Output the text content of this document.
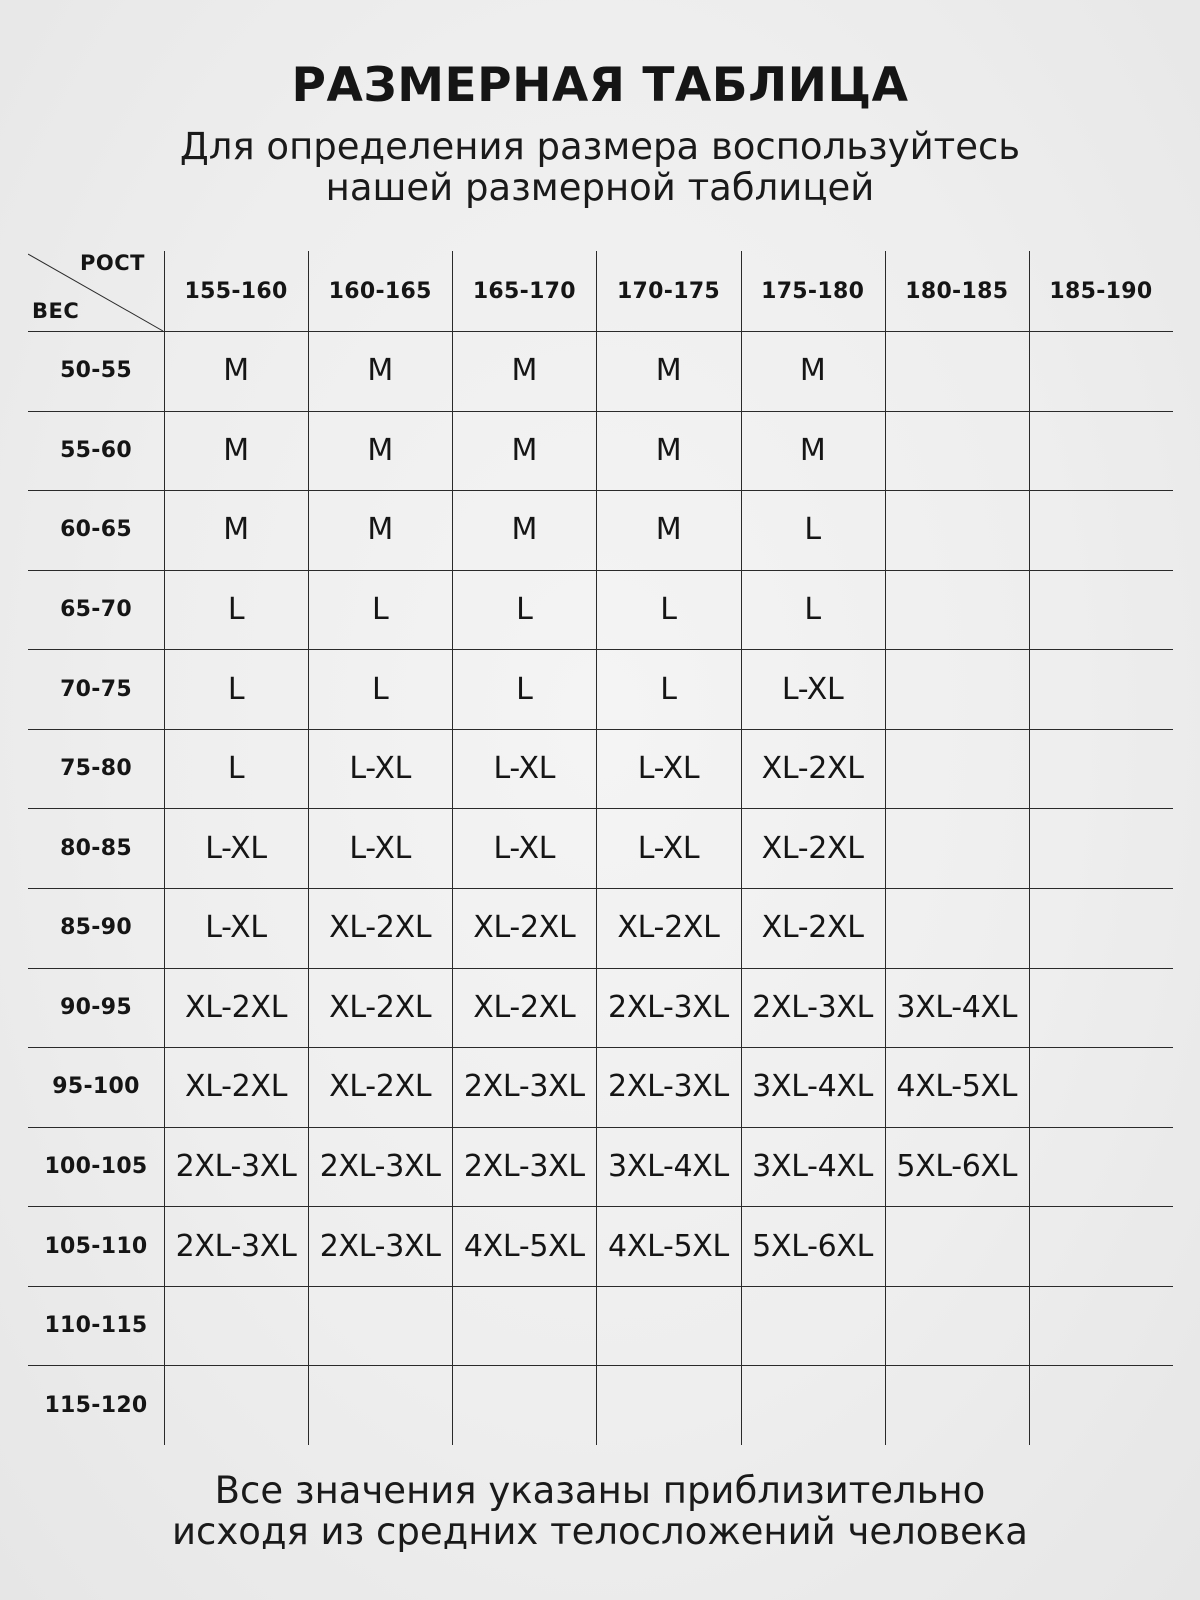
РАЗМЕРНАЯ ТАБЛИЦА
Для определения размера воспользуйтесь
нашей размерной таблицей
РОСТ
ВЕС
155-160	160-165	165-170	170-175	175-180	180-185	185-190
50-55	M	M	M	M	M
55-60	M	M	M	M	M
60-65	M	M	M	M	L
65-70	L	L	L	L	L
70-75	L	L	L	L	L-XL
75-80	L	L-XL	L-XL	L-XL	XL-2XL
80-85	L-XL	L-XL	L-XL	L-XL	XL-2XL
85-90	L-XL	XL-2XL	XL-2XL	XL-2XL	XL-2XL
90-95	XL-2XL	XL-2XL	XL-2XL	2XL-3XL 2XL-3XL 3XL-4XL
95-100	XL-2XL	XL-2XL	2XL-3XL 2XL-3XL 3XL-4XL 4XL-5XL
100-105 2XL-3XL 2XL-3XL 2XL-3XL 3XL-4XL 3XL-4XL 5XL-6XL
105-110 2XL-3XL 2XL-3XL 4XL-5XL 4XL-5XL 5XL-6XL
110-115
115-120
Все значения указаны приблизительно
исходя из средних телосложений человека
